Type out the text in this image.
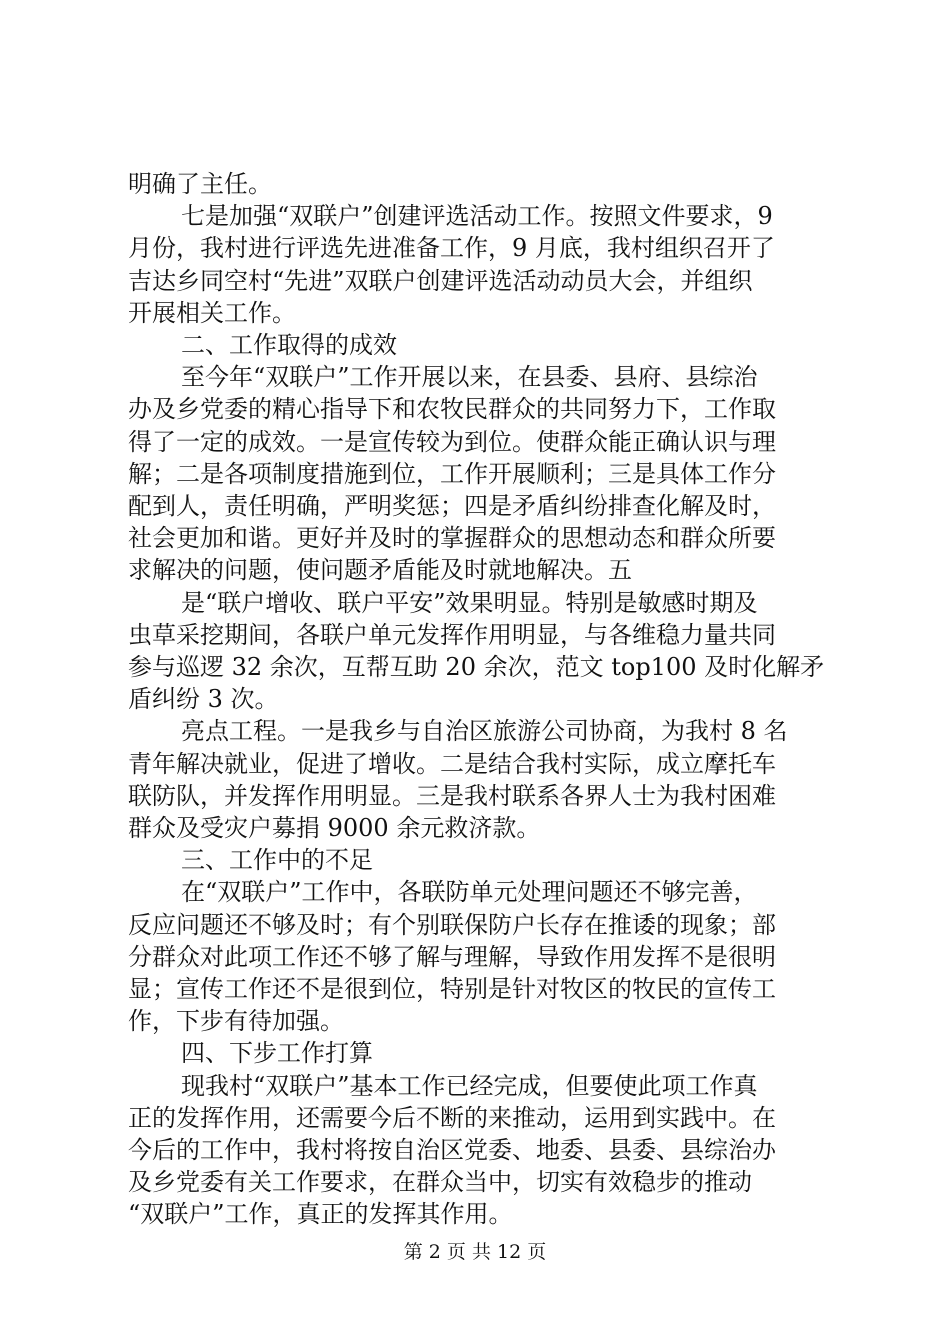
第 2 页 共 12 页
明确了主任。
七是加强“双联户”创建评选活动工作。按照文件要求，9
月份，我村进行评选先进准备工作，9 月底，我村组织召开了
吉达乡同空村“先进”双联户创建评选活动动员大会，并组织
开展相关工作。
二、工作取得的成效
至今年“双联户”工作开展以来，在县委、县府、县综治
办及乡党委的精心指导下和农牧民群众的共同努力下，工作取
得了一定的成效。一是宣传较为到位。使群众能正确认识与理
解；二是各项制度措施到位，工作开展顺利；三是具体工作分
配到人，责任明确，严明奖惩；四是矛盾纠纷排查化解及时，
社会更加和谐。更好并及时的掌握群众的思想动态和群众所要
求解决的问题，使问题矛盾能及时就地解决。五
是“联户增收、联户平安”效果明显。特别是敏感时期及
虫草采挖期间，各联户单元发挥作用明显，与各维稳力量共同
参与巡逻 32 余次，互帮互助 20 余次，范文 top100 及时化解矛
盾纠纷 3 次。
亮点工程。一是我乡与自治区旅游公司协商，为我村 8 名
青年解决就业，促进了增收。二是结合我村实际，成立摩托车
联防队，并发挥作用明显。三是我村联系各界人士为我村困难
群众及受灾户募捐 9000 余元救济款。
三、工作中的不足
在“双联户”工作中，各联防单元处理问题还不够完善，
反应问题还不够及时；有个别联保防户长存在推诿的现象；部
分群众对此项工作还不够了解与理解，导致作用发挥不是很明
显；宣传工作还不是很到位，特别是针对牧区的牧民的宣传工
作，下步有待加强。
四、下步工作打算
现我村“双联户”基本工作已经完成，但要使此项工作真
正的发挥作用，还需要今后不断的来推动，运用到实践中。在
今后的工作中，我村将按自治区党委、地委、县委、县综治办
及乡党委有关工作要求，在群众当中，切实有效稳步的推动
“双联户”工作，真正的发挥其作用。
